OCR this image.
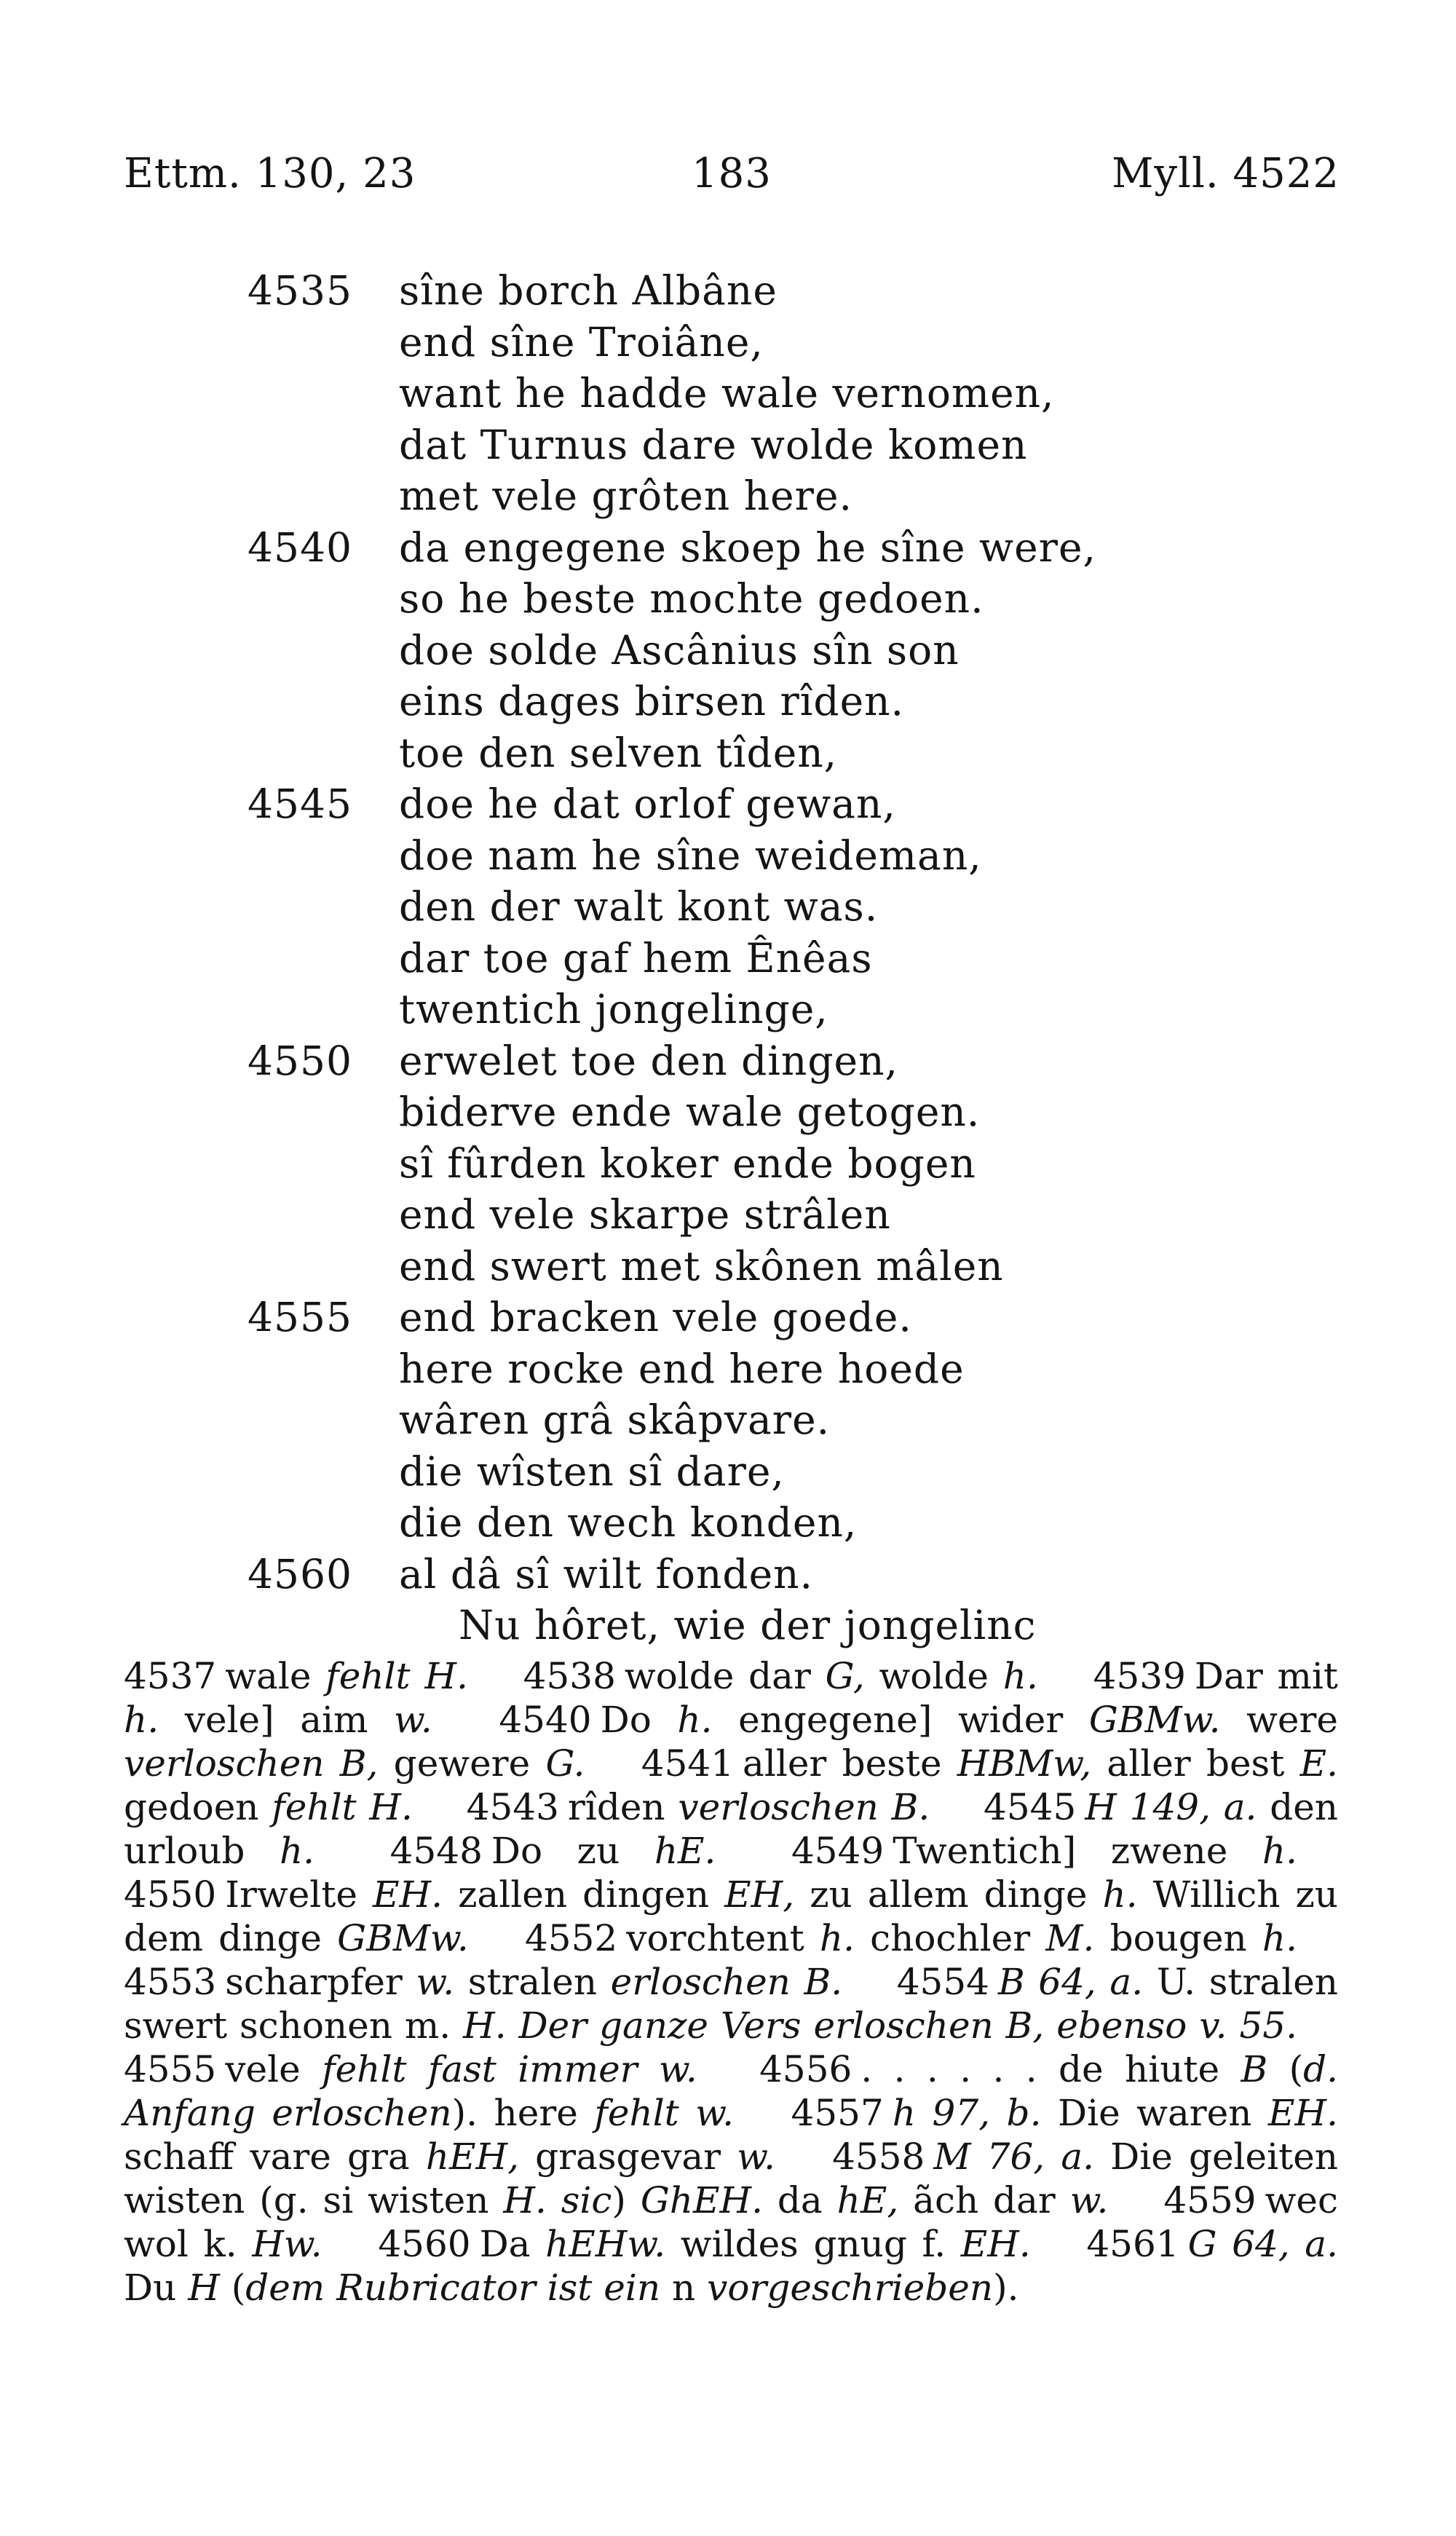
Ettm. 130, 23	183	Myll. 4522
4535 sîne borch Albâne
end sîne Troiâne,
want he hadde wale vernomen,
dat Turnus dare wolde komen
met vele grôten here.
4540 da engegene skoep he sîne were,
so he beste mochte gedoen.
doe solde Ascânius sîn son
eins dages birsen rîden.
toe den selven tîden,
4545 doe he dat orlof gewan,
doe nam he sîne weideman,
den der walt kont was.
dar toe gaf hem Ênêas
twentich jongelinge,
4550 erwelet toe den dingen,
biderve ende wale getogen.
sî fûrden koker ende bogen
end vele skarpe strâlen
end swert met skônen mâlen
4555 end bracken vele goede.
here rocke end here hoede
wâren grâ skâpvare.
die wîsten sî dare,
die den wech konden,
4560 al dâ sî wilt fonden.
Nu hôret, wie der jongelinc
4537 wale fehlt H. 4538 wolde dar G, wolde h. 4539 Dar mit h. vele] aim w. 4540 Do h. engegene] wider GBMw. were verloschen B, gewere G. 4541 aller beste HBMw, aller best E. gedoen fehlt H. 4543 rîden verloschen B. 4545 H 149, a. den urloub h. 4548 Do zu hE. 4549 Twentich] zwene h. 4550 Irwelte EH. zallen dingen EH, zu allem dinge h. Willich zu dem dinge GBMw. 4552 vorchtent h. chochler M. bougen h. 4553 scharpfer w. stralen erloschen B. 4554 B 64, a. U. stralen swert schonen m. H. Der ganze Vers erloschen B, ebenso v. 55. 4555 vele fehlt fast immer w. 4556 . . . . . . de hiute B (d. Anfang erloschen). here fehlt w. 4557 h 97, b. Die waren EH. schaff vare gra hEH, grasgevar w. 4558 M 76, a. Die geleiten wisten (g. si wisten H. sic) GhEH. da hE, ãch dar w. 4559 wec wol k. Hw. 4560 Da hEHw. wildes gnug f. EH. 4561 G 64, a. Du H (dem Rubricator ist ein n vorgeschrieben).
